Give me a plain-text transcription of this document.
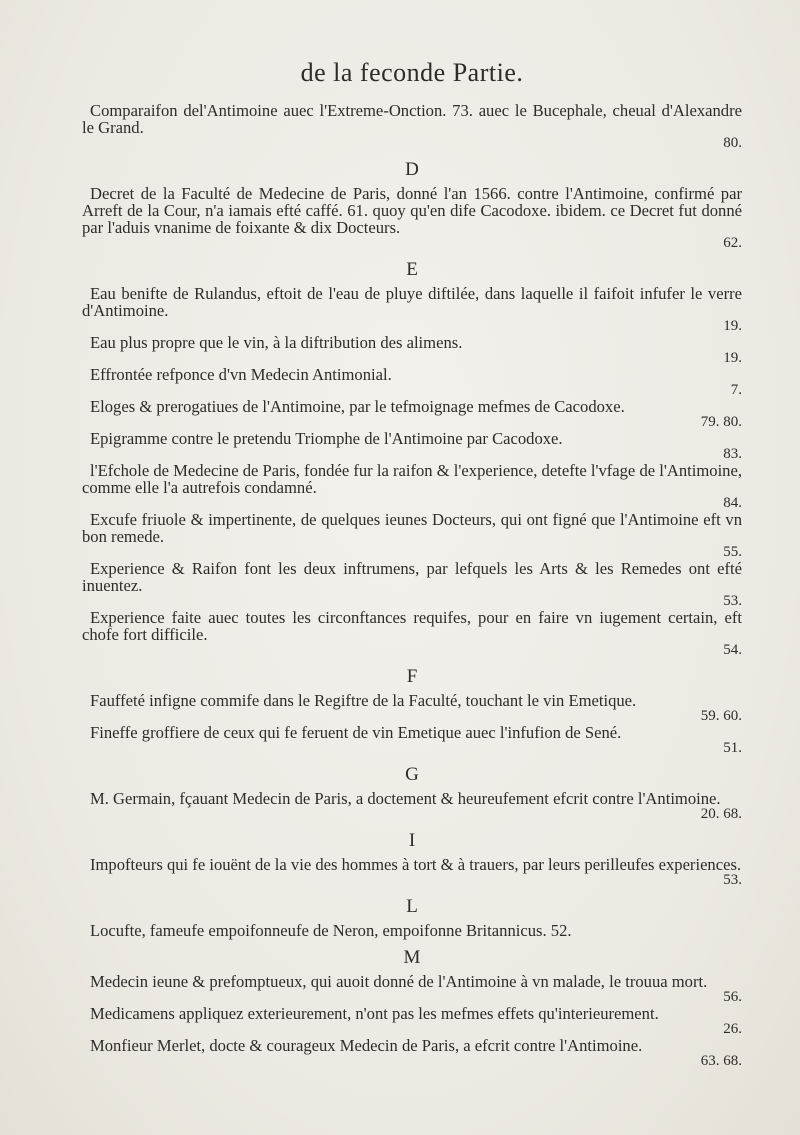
de la feconde Partie.
Comparaifon del'Antimoine auec l'Extreme-Onction. 73. auec le Bucephale, cheual d'Alexandre le Grand.
80.
D
Decret de la Faculté de Medecine de Paris, donné l'an 1566. contre l'Antimoine, confirmé par Arreft de la Cour, n'a iamais efté caffé. 61. quoy qu'en dife Cacodoxe. ibidem. ce Decret fut donné par l'aduis vnanime de foixante & dix Docteurs.
62.
E
Eau benifte de Rulandus, eftoit de l'eau de pluye diftilée, dans laquelle il faifoit infufer le verre d'Antimoine.
19.
Eau plus propre que le vin, à la diftribution des alimens.
19.
Effrontée refponce d'vn Medecin Antimonial.
7.
Eloges & prerogatiues de l'Antimoine, par le tefmoignage mefmes de Cacodoxe.
79. 80.
Epigramme contre le pretendu Triomphe de l'Antimoine par Cacodoxe.
83.
l'Efchole de Medecine de Paris, fondée fur la raifon & l'experience, detefte l'vfage de l'Antimoine, comme elle l'a autrefois condamné.
84.
Excufe friuole & impertinente, de quelques ieunes Docteurs, qui ont figné que l'Antimoine eft vn bon remede.
55.
Experience & Raifon font les deux inftrumens, par lefquels les Arts & les Remedes ont efté inuentez.
53.
Experience faite auec toutes les circonftances requifes, pour en faire vn iugement certain, eft chofe fort difficile.
54.
F
Fauffeté infigne commife dans le Regiftre de la Faculté, touchant le vin Emetique.
59. 60.
Fineffe groffiere de ceux qui fe feruent de vin Emetique auec l'infufion de Sené.
51.
G
M. Germain, fçauant Medecin de Paris, a doctement & heureufement efcrit contre l'Antimoine.
20. 68.
I
Impofteurs qui fe iouënt de la vie des hommes à tort & à trauers, par leurs perilleufes experiences.
53.
L
Locufte, fameufe empoifonneufe de Neron, empoifonne Britannicus. 52.
M
Medecin ieune & prefomptueux, qui auoit donné de l'Antimoine à vn malade, le trouua mort.
56.
Medicamens appliquez exterieurement, n'ont pas les mefmes effets qu'interieurement.
26.
Monfieur Merlet, docte & courageux Medecin de Paris, a efcrit contre l'Antimoine.
63. 68.
